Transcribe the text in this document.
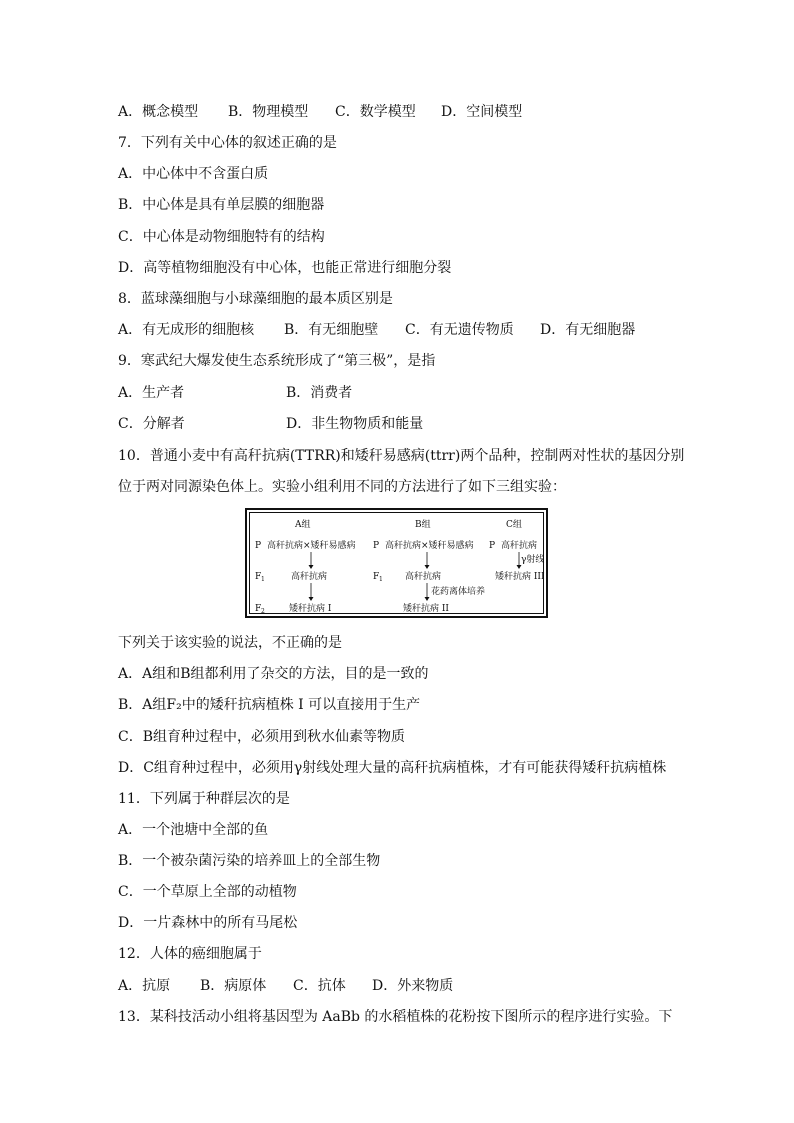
A．概念模型 B．物理模型 C．数学模型 D．空间模型
7．下列有关中心体的叙述正确的是
A．中心体中不含蛋白质
B．中心体是具有单层膜的细胞器
C．中心体是动物细胞特有的结构
D．高等植物细胞没有中心体，也能正常进行细胞分裂
8．蓝球藻细胞与小球藻细胞的最本质区别是
A．有无成形的细胞核 B．有无细胞壁 C．有无遗传物质 D．有无细胞器
9．寒武纪大爆发使生态系统形成了“第三极”，是指
A．生产者	B．消费者
C．分解者	D．非生物物质和能量
10．普通小麦中有高秆抗病(TTRR)和矮秆易感病(ttrr)两个品种，控制两对性状的基因分别
位于两对同源染色体上。实验小组利用不同的方法进行了如下三组实验：
A组
P 高秆抗病×矮秆易感病
F 1	高秆抗病
F 2	矮秆抗病 I
B组
P 高秆抗病×矮秆易感病
F 1 高秆抗病
花药离体培养
矮秆抗病 II
C组
P 高秆抗病
γ射线
矮秆抗病 III
下列关于该实验的说法，不正确的是
A．A组和B组都利用了杂交的方法，目的是一致的
B．A组F₂中的矮秆抗病植株 I 可以直接用于生产
C．B组育种过程中，必须用到秋水仙素等物质
D．C组育种过程中，必须用γ射线处理大量的高秆抗病植株，才有可能获得矮秆抗病植株
11．下列属于种群层次的是
A．一个池塘中全部的鱼
B．一个被杂菌污染的培养皿上的全部生物
C．一个草原上全部的动植物
D．一片森林中的所有马尾松
12．人体的癌细胞属于
A．抗原 B．病原体 C．抗体 D．外来物质
13．某科技活动小组将基因型为 AaBb 的水稻植株的花粉按下图所示的程序进行实验。下
